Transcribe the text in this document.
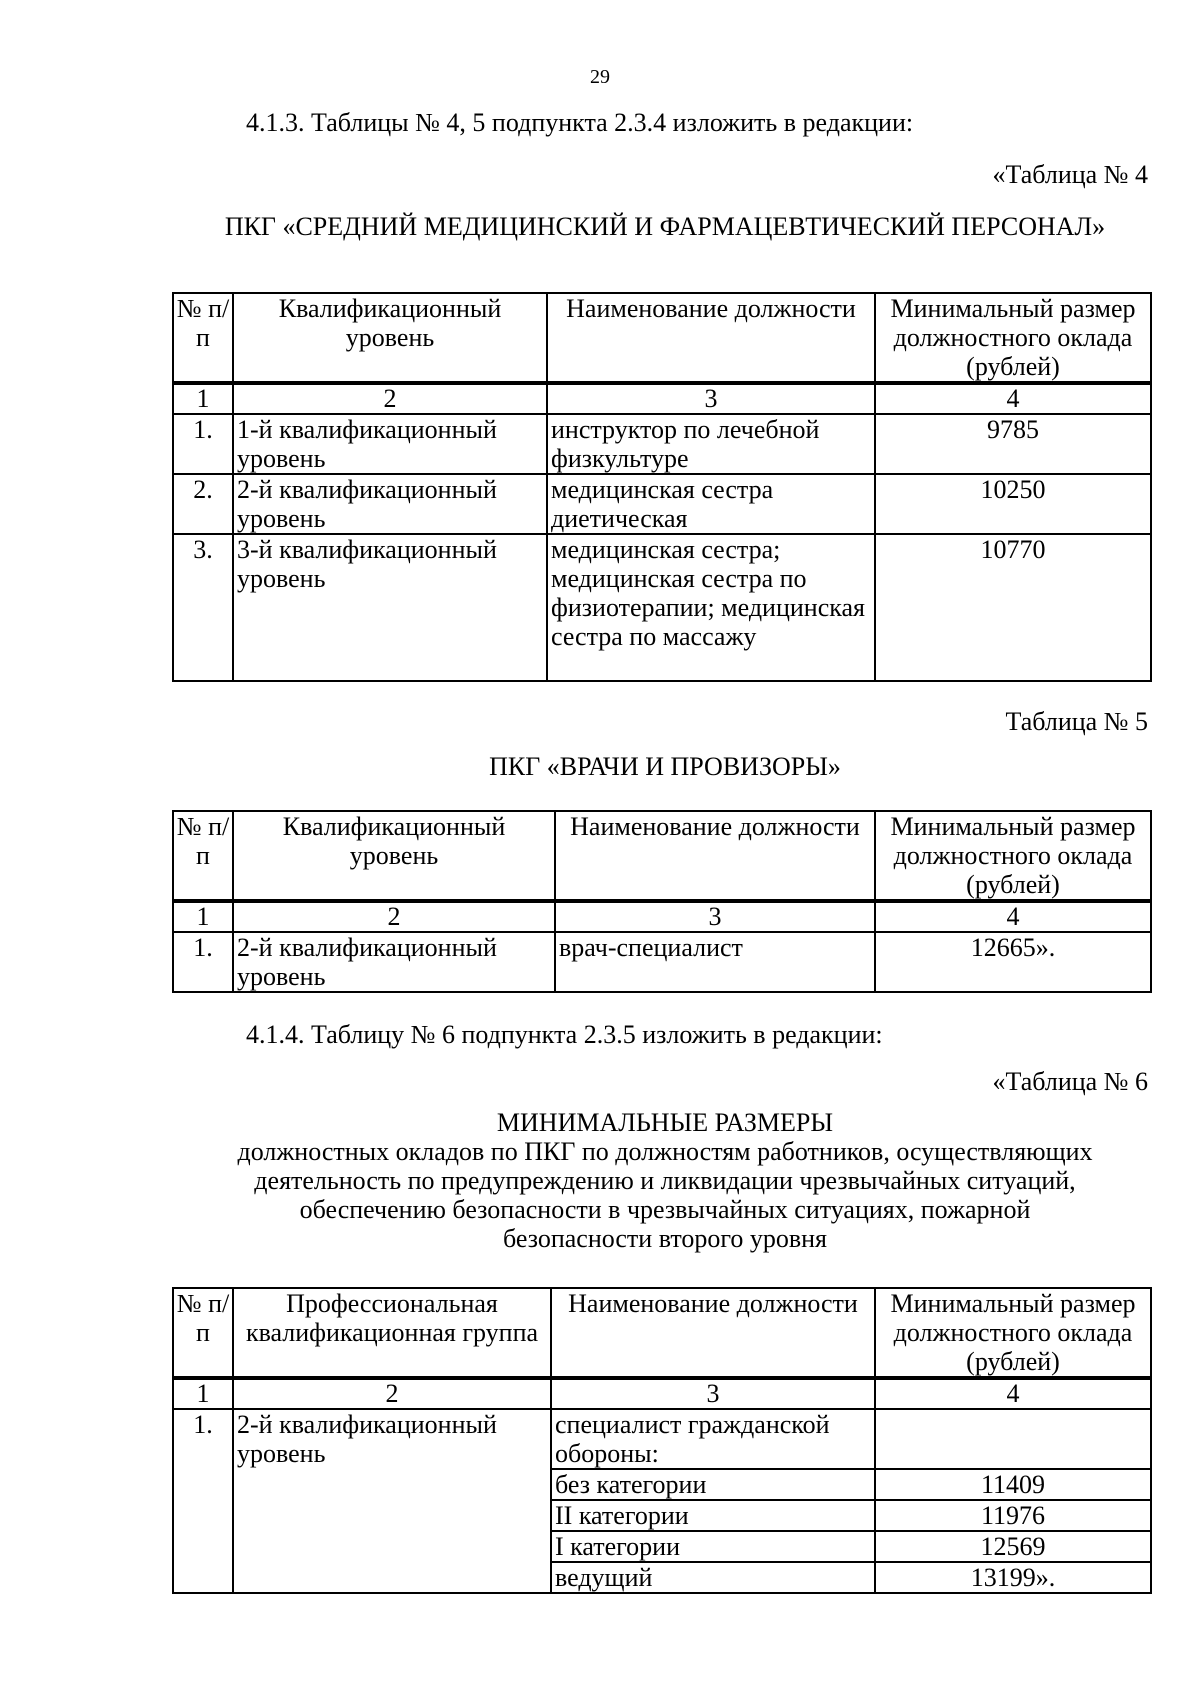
29
4.1.3. Таблицы № 4, 5 подпункта 2.3.4 изложить в редакции:
«Таблица № 4
ПКГ «СРЕДНИЙ МЕДИЦИНСКИЙ И ФАРМАЦЕВТИЧЕСКИЙ ПЕРСОНАЛ»
№ п/п	Квалификационный уровень	Наименование должности	Минимальный размер должностного оклада (рублей)
1	2	3	4
1.	1-й квалификационный уровень	инструктор по лечебной физкультуре	9785
2.	2-й квалификационный уровень	медицинская сестра диетическая	10250
3.	3-й квалификационный уровень	медицинская сестра; медицинская сестра по физиотерапии; медицинская сестра по массажу	10770
Таблица № 5
ПКГ «ВРАЧИ И ПРОВИЗОРЫ»
№ п/п	Квалификационный уровень	Наименование должности	Минимальный размер должностного оклада (рублей)
1	2	3	4
1.	2-й квалификационный уровень	врач-специалист	12665».
4.1.4. Таблицу № 6 подпункта 2.3.5 изложить в редакции:
«Таблица № 6
МИНИМАЛЬНЫЕ РАЗМЕРЫ
должностных окладов по ПКГ по должностям работников, осуществляющих деятельность по предупреждению и ликвидации чрезвычайных ситуаций, обеспечению безопасности в чрезвычайных ситуациях, пожарной безопасности второго уровня
№ п/п	Профессиональная квалификационная группа	Наименование должности	Минимальный размер должностного оклада (рублей)
1	2	3	4
1.	2-й квалификационный уровень	специалист гражданской обороны:	
		без категории	11409
		II категории	11976
		I категории	12569
		ведущий	13199».
